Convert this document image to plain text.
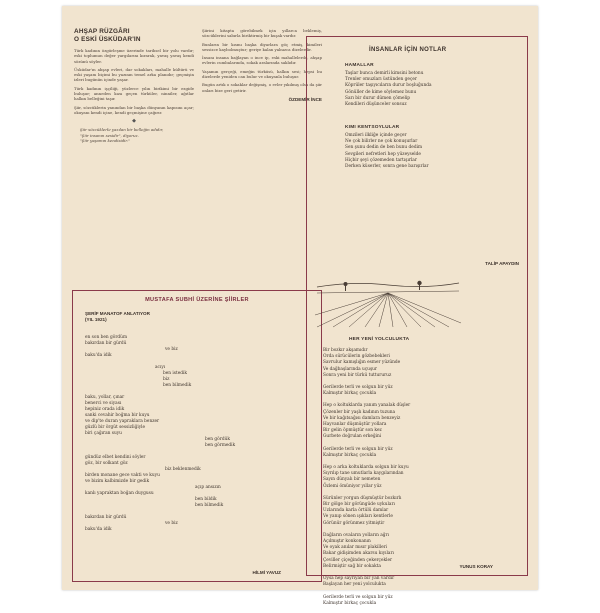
AHŞAP RÜZGÂRI
O ESKİ ÜSKÜDAR'IN

Türk kadının özgürleşme üzerinde tarihsel bir yolu vardır; eski toplumun değer yargılarını kırarak, yavaş yavaş kendi sözünü söyler.

Üsküdar'ın ahşap evleri, dar sokakları, mahalle kültürü ve eski yaşam biçimi bu yazının temel arka planıdır; geçmişin izleri bugünün içinde yaşar.

Türk kadının işçiliği, yüzlerce yılın birikimi bir ezgide buluşur; anneden kıza geçen türküler, ninniler, ağıtlar halkın belleğini taşır.

Şiir, sözcüklerin yanından bir başka dünyanın kapısını açar; okuyanı kendi içine, kendi geçmişine çağırır.

◆
Şiir sözcüklerle yazılan bir belleğin adıdır,
"Şiir insanın sesidir", diyoruz.
"Şiir yaşamın kendisidir."

Şiirini kitapta görebilmek için yıllarca beklemiş, sözcüklerini sabırla biriktirmiş bir kuşak vardır.

Bunların bir kısmı başka diyarlara göç etmiş, kimileri sessizce kaybolmuştur; geriye kalan yalnızca dizelerdir.

İnsanı insana bağlayan o ince ip, eski mahallelerde, ahşap evlerin cumbalarında, sokak aralarında saklıdır.

Yaşamın gerçeği, emeğin türküsü, halkın sesi; hepsi bu dizelerde yeniden can bulur ve okuyanla buluşur.

Bugün artık o sokaklar değişmiş, o evler yıkılmış olsa da şiir onları bize geri getirir.

ÖZDEMİR İNCE
MUSTAFA SUBHİ ÜZERİNE ŞİİRLER
ŞERİF MANATOF ANLATIYOR
(YIL 1921)
en son ben gördüm
bakırdan bir gürdü
ve biz
baku'da idik
acıyı
ben istedik
biz
ben bilmedik
baku, yollar, çınar
benerci ve siyası
hepiniz orada idik
sanki cevahir boğma bir kuyu
ve dip'te duran yapraklara benzer
güzlü bir örgüt sessizliğiyle
biri çağıran suyu
ben gördük
ben görmedik
gündüz elbet kendini söyler
göz, bir solkant göz
biz beklenmedik
birden monane gece vakti ve kuyu
ve bizim kalbimizde bir gedik
açıp ansızın
kanlı yapraktan boğan duygusu
ben bildik
ben bilmedik
bakırdan bir gürdü
ve biz
baku'da idik
HİLMİ YAVUZ
İNSANLAR İÇİN NOTLAR
HAMALLAR
Taşlar bunca demirli kimsini betonu
Trenler omuzları üstünden geçer
Köprüler taşıyıcıların durur boşluğunda
Gönüller de kime söylemez bunu
Sarı bir durur dümen çömelip
Kendileri düşünceler sonsuz
KIMI KENTSOYLULAR
Omzileri ilkliğe içinde geçer
Ne çok bilirler ne çok konuşurlar
Sen şunu dedin de ben bunu dedim
Sevgileri nefretleri hep yüzeyselde
Hiçbir şeyi çözemeden tartışırlar
Derken küserler, sonra gene barışırlar
TALİP APAYDIN
HER YENİ YOLCULUKTA
Bir bozkır akşamıdır
Orda sürücülerin gözbebekleri
Savrulur kamışlığın esmer yüzünde
Ve dağbaşlarında uçuşur
Sonra yeni bir türkü tuttururuz
Gerilerde terli ve solgun bir yüz
Kalmıştır birkaç çocukla
Hep o koltuklarda yanım yanalak düşler
Çözenler bir yaşlı kadının tuzuna
Ve bir kağıtsağısı damlara benzeyiz
Hayvanlar düşmüştür yollara
Bir gelin öpmüştür son kez
Gurbete doğrulan erkeğini
Gerilerde terli ve solgun bir yüz
Kalmıştır birkaç çocukla
Hep o arka koltuklarda solgun bir kuyu
Sıyrılıp tane umutlarla kaygılarından
Sayın dünyalı bir nemeten
Özlemi ömüniyor yıllar yüz
Sürünler yorgun düşmüştür bozkırlı
Bir gölge bir görüngüde uykuları
Uzlarında karla örtülü damlar
Ve yanıp sönen ışıkları kentlerle
Görünür görünmez yitmiştir
Dağların ovaların yolların ağrı
Açılmıştır konkonanın
Ve oyak anılar mısır plakilleri
Bakar gidişimden akarsu kıyıları
Çeviller çiçeğinden çekerçekler
Belirmiştir sağ bir sokakta
Oysa hep sayrıyan bir yan vardır
Başlayan her yeni yolculukta
Gerilerde terli ve solgun bir yüz
Kalmıştır birkaç çocukla
YUNUS KORAY
